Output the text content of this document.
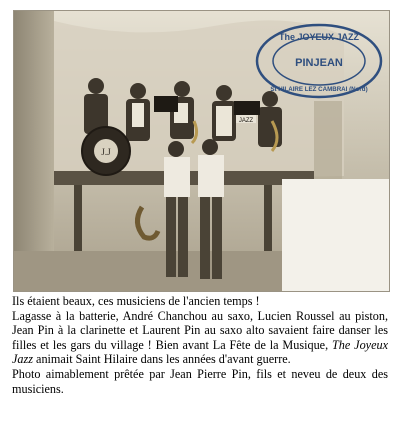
J.J
JAZZ
The JOYEUX JAZZ
PINJEAN
St HILAIRE LEZ CAMBRAI (Nord)

Ils étaient beaux, ces musiciens de l'ancien temps !

Lagasse à la batterie, André Chanchou au saxo, Lucien Roussel au piston, Jean Pin à la clarinette et Laurent Pin au saxo alto savaient faire danser les filles et les gars du village ! Bien avant La Fête de la Musique, The Joyeux Jazz animait Saint Hilaire dans les années d'avant guerre.

Photo aimablement prêtée par Jean Pierre Pin, fils et neveu de deux des musiciens.
